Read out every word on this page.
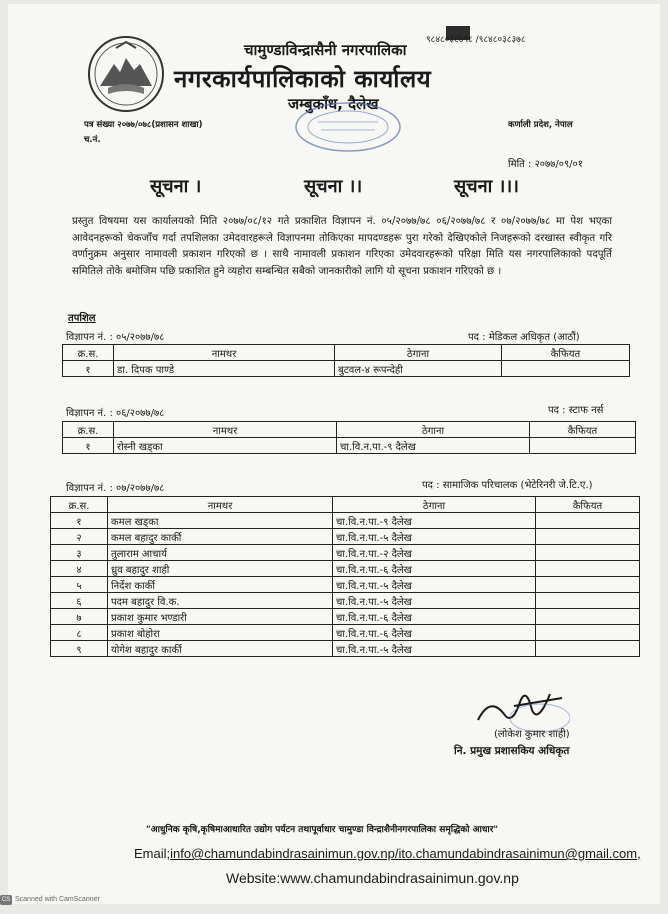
९८४८०३८७९८ /९८४८०३८३७८
चामुण्डाविन्द्रासैनी नगरपालिका
नगरकार्यपालिकाको कार्यालय
जम्बुकाँध, दैलेख
पत्र संख्या २०७७/०७८(प्रशासन शाखा)
च.नं.
कर्णाली प्रदेश, नेपाल
मिति : २०७७/०९/०१
सूचना ।	सूचना ।।	सूचना ।।।
प्रस्तुत विषयमा यस कार्यालयको मिति २०७७/०८/१२ गते प्रकाशित विज्ञापन नं. ०५/२०७७/७८ ०६/२०७७/७८ र ०७/२०७७/७८ मा पेश भएका आवेदनहरूको चेकजाँच गर्दा तपशिलका उमेदवारहरूले विज्ञापनमा तोकिएका मापदण्डहरू पुरा गरेको देखिएकोले निजहरूको दरखास्त स्वीकृत गरि वर्णानुक्रम अनुसार नामावली प्रकाशन गरिएको छ । साथै नामावली प्रकाशन गरिएका उमेदवारहरूको परिक्षा मिति यस नगरपालिकाको पदपूर्ति समितिले तोके बमोजिम पछि प्रकाशित हुने व्यहोरा सम्बन्धित सबैको जानकारीको लागि यो सूचना प्रकाशन गरिएको छ ।
तपशिल
विज्ञापन नं. : ०५/२०७७/७८	पद : मेडिकल अधिकृत (आठौं)
क्र.स.	नामथर	ठेगाना	कैफियत
१	डा. दिपक पाण्डे	बुटवल-४ रूपन्देही	
विज्ञापन नं. : ०६/२०७७/७८	पद : स्टाफ नर्स
क्र.स.	नामथर	ठेगाना	कैफियत
१	रोस्नी खड्का	चा.वि.न.पा.-९ दैलेख	
विज्ञापन नं. : ०७/२०७७/७८	पद : सामाजिक परिचालक (भेटेरिनरी जे.टि.ए.)
क्र.स.	नामथर	ठेगाना	कैफियत
१	कमल खड्का	चा.वि.न.पा.-९ दैलेख	
२	कमल बहादुर कार्की	चा.वि.न.पा.-५ दैलेख	
३	तुलाराम आचार्य	चा.वि.न.पा.-२ दैलेख	
४	ध्रुव बहादुर शाही	चा.वि.न.पा.-६ दैलेख	
५	निर्देश कार्की	चा.वि.न.पा.-५ दैलेख	
६	पदम बहादुर वि.क.	चा.वि.न.पा.-५ दैलेख	
७	प्रकाश कुमार भण्डारी	चा.वि.न.पा.-६ दैलेख	
८	प्रकाश बोहोरा	चा.वि.न.पा.-६ दैलेख	
९	योगेश बहादुर कार्की	चा.वि.न.पा.-५ दैलेख	
(लोकेश कुमार शाही)
नि. प्रमुख प्रशासकिय अधिकृत
"आधुनिक कृषि,कृषिमाआधारित उद्योग पर्यटन तथापूर्वाधार चामुण्डा विन्द्राशैनीनगरपालिका समृद्धिको आधार"
Email;info@chamundabindrasainimun.gov.np/ito.chamundabindrasainimun@gmail.com,
Website:www.chamundabindrasainimun.gov.np
CS Scanned with CamScanner
